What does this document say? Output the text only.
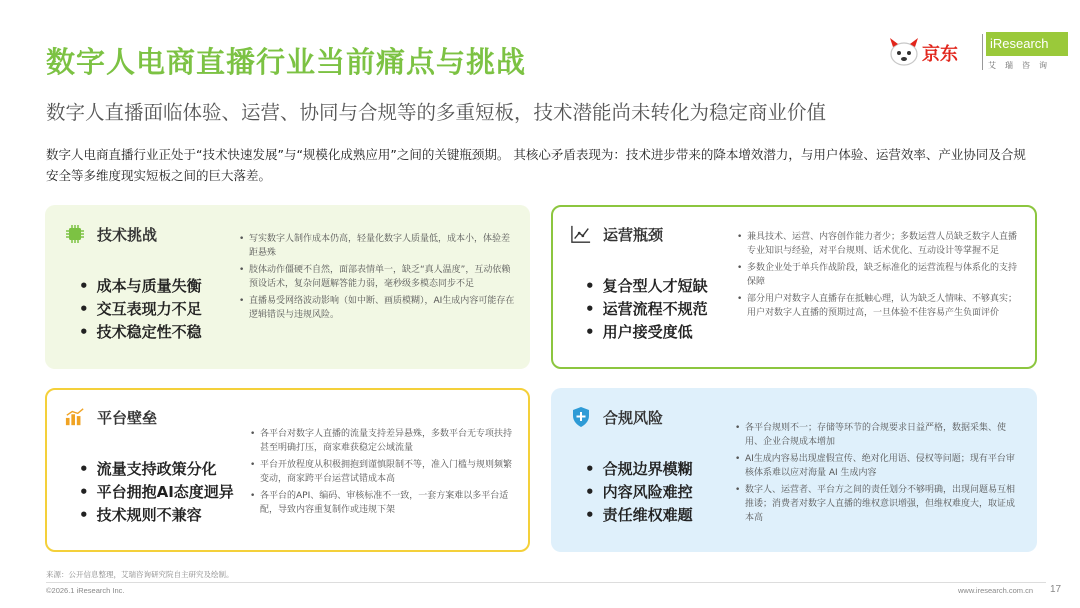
数字人电商直播行业当前痛点与挑战	京东
iResearch
艾瑞咨询
数字人直播面临体验、运营、协同与合规等的多重短板，技术潜能尚未转化为稳定商业价值
数字人电商直播行业正处于“技术快速发展”与“规模化成熟应用”之间的关键瓶颈期。 其核心矛盾表现为：技术进步带来的降本增效潜力，与用户体验、运营效率、产业协同及合规安全等多维度现实短板之间的巨大落差。
技术挑战
• 成本与质量失衡
• 交互表现力不足
• 技术稳定性不稳
• 写实数字人制作成本仍高，轻量化数字人质量低，成本小，体验差距悬殊
• 肢体动作僵硬不自然，面部表情单一，缺乏“真人温度”，互动依赖预设话术，复杂问题解答能力弱，毫秒级多模态同步不足
• 直播易受网络波动影响（如中断、画质模糊），AI生成内容可能存在逻辑错误与违规风险。
运营瓶颈
• 复合型人才短缺
• 运营流程不规范
• 用户接受度低
• 兼具技术、运营、内容创作能力者少；多数运营人员缺乏数字人直播专业知识与经验，对平台规则、话术优化、互动设计等掌握不足
• 多数企业处于单兵作战阶段，缺乏标准化的运营流程与体系化的支持保障
• 部分用户对数字人直播存在抵触心理，认为缺乏人情味、不够真实；用户对数字人直播的预期过高，一旦体验不佳容易产生负面评价
平台壁垒
• 流量支持政策分化
• 平台拥抱AI态度迥异
• 技术规则不兼容
• 各平台对数字人直播的流量支持差异悬殊，多数平台无专项扶持甚至明确打压，商家难获稳定公域流量
• 平台开放程度从积极拥抱到谨慎限制不等，准入门槛与规则频繁变动，商家跨平台运营试错成本高
• 各平台的API、编码、审核标准不一致，一套方案难以多平台适配，导致内容重复制作或违规下架
合规风险
• 合规边界模糊
• 内容风险难控
• 责任维权难题
• 各平台规则不一；存储等环节的合规要求日益严格，数据采集、使用、企业合规成本增加
• AI生成内容易出现虚假宣传、绝对化用语、侵权等问题；现有平台审核体系难以应对海量 AI 生成内容
• 数字人、运营者、平台方之间的责任划分不够明确，出现问题易互相推诿；消费者对数字人直播的维权意识增强，但维权难度大，取证成本高
来源：公开信息整理，艾瑞咨询研究院自主研究及绘制。
©2026.1 iResearch Inc.	www.iresearch.com.cn 17
